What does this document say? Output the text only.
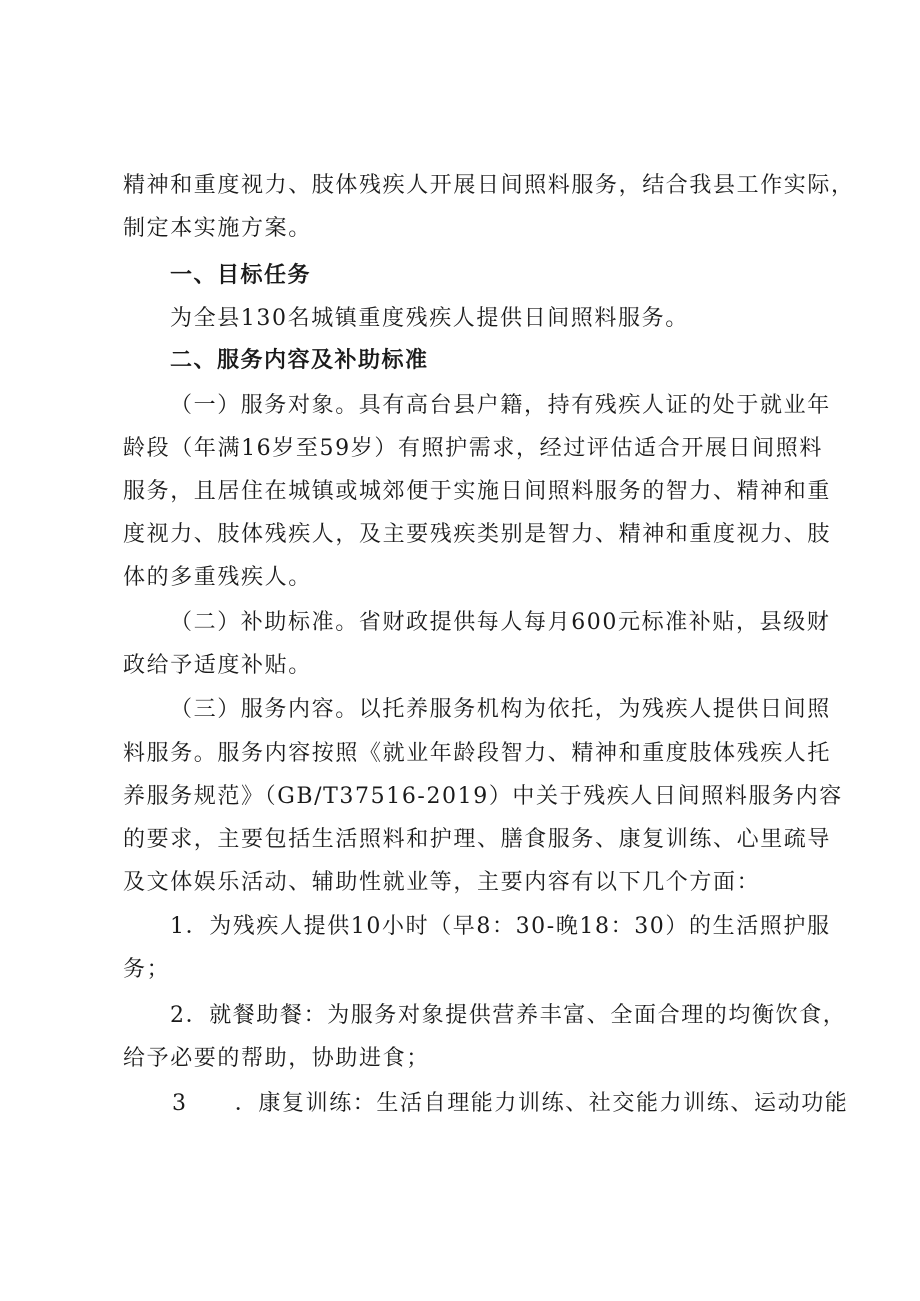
精神和重度视力、肢体残疾人开展日间照料服务，结合我县工作实际，
制定本实施方案。
一、目标任务
为全县130名城镇重度残疾人提供日间照料服务。
二、服务内容及补助标准
（一）服务对象。具有高台县户籍，持有残疾人证的处于就业年
龄段（年满16岁至59岁）有照护需求，经过评估适合开展日间照料
服务，且居住在城镇或城郊便于实施日间照料服务的智力、精神和重
度视力、肢体残疾人，及主要残疾类别是智力、精神和重度视力、肢
体的多重残疾人。
（二）补助标准。省财政提供每人每月600元标准补贴，县级财
政给予适度补贴。
（三）服务内容。以托养服务机构为依托，为残疾人提供日间照
料服务。服务内容按照《就业年龄段智力、精神和重度肢体残疾人托
养服务规范》（GB/T37516-2019）中关于残疾人日间照料服务内容
的要求，主要包括生活照料和护理、膳食服务、康复训练、心里疏导
及文体娱乐活动、辅助性就业等，主要内容有以下几个方面：
1．为残疾人提供10小时（早8：30-晚18：30）的生活照护服
务；
2．就餐助餐：为服务对象提供营养丰富、全面合理的均衡饮食，
给予必要的帮助，协助进食；
3　　．康复训练：生活自理能力训练、社交能力训练、运动功能
